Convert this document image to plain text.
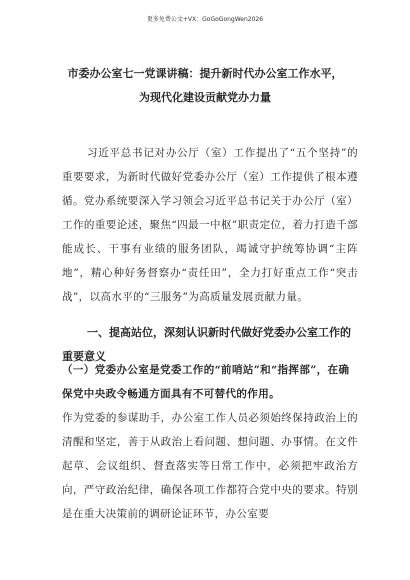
更多免费公文+VX：GoGoGongWen2026
市委办公室七一党课讲稿：提升新时代办公室工作水平，
为现代化建设贡献党办力量
习近平总书记对办公厅（室）工作提出了“五个坚持”的重要要求，为新时代做好党委办公厅（室）工作提供了根本遵循。党办系统要深入学习领会习近平总书记关于办公厅（室）工作的重要论述，聚焦“四最一中枢”职责定位，着力打造千部能成长、干事有业绩的服务团队，竭诚守护统筹协调“主阵地”，精心种好务督察办“责任田”，全力打好重点工作“突击战”，以高水平的“三服务”为高质量发展贡献力量。
一、提高站位，深刻认识新时代做好党委办公室工作的重要意义
（一）党委办公室是党委工作的“前哨站”和“指挥部”，在确保党中央政令畅通方面具有不可替代的作用。
作为党委的参谋助手，办公室工作人员必须始终保持政治上的清醒和坚定，善于从政治上看问题、想问题、办事情。在文件起草、会议组织、督查落实等日常工作中，必须把牢政治方向，严守政治纪律，确保各项工作都符合党中央的要求。特别是在重大决策前的调研论证环节，办公室要
